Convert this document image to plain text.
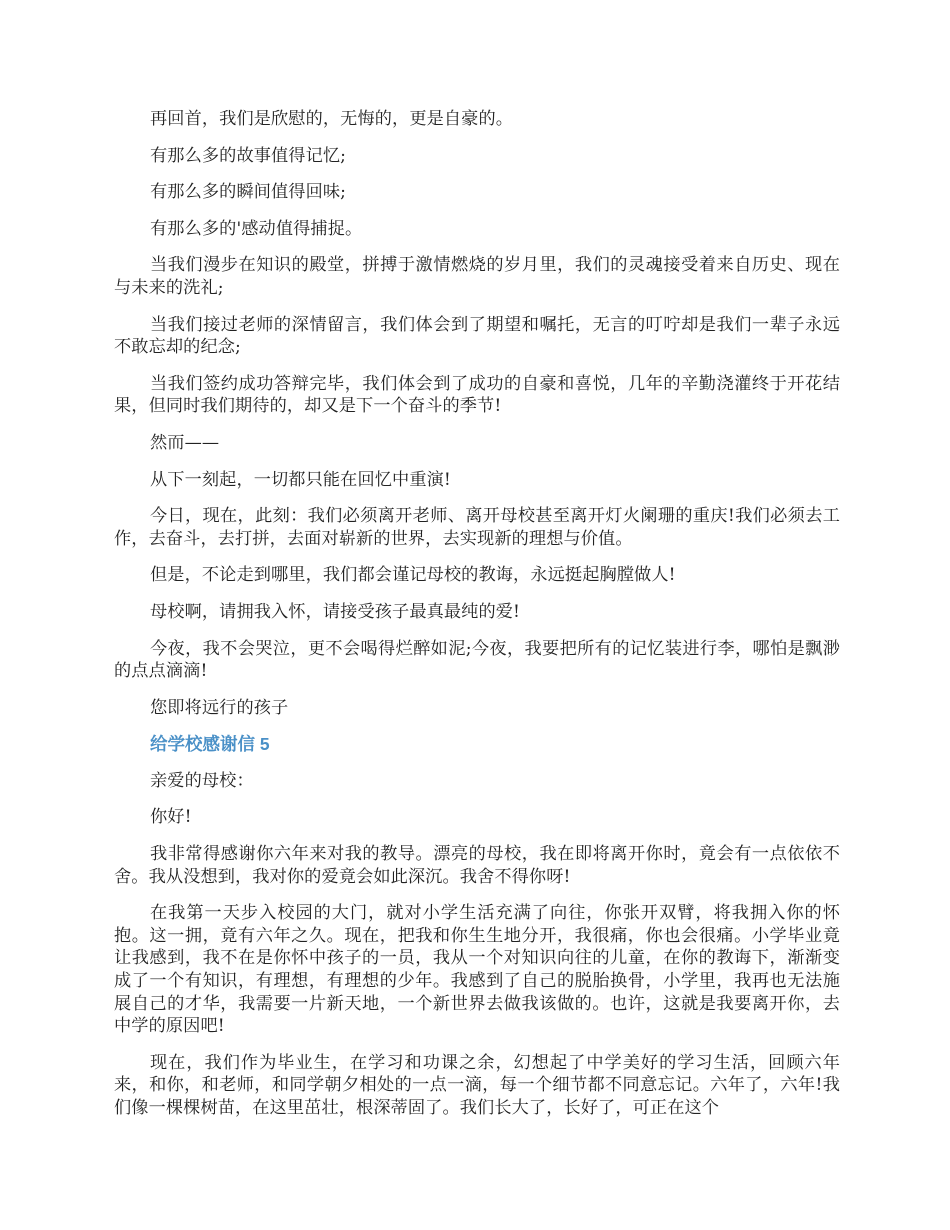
再回首，我们是欣慰的，无悔的，更是自豪的。

有那么多的故事值得记忆;

有那么多的瞬间值得回味;

有那么多的'感动值得捕捉。

当我们漫步在知识的殿堂，拼搏于激情燃烧的岁月里，我们的灵魂接受着来自历史、现在与未来的洗礼;

当我们接过老师的深情留言，我们体会到了期望和嘱托，无言的叮咛却是我们一辈子永远不敢忘却的纪念;

当我们签约成功答辩完毕，我们体会到了成功的自豪和喜悦，几年的辛勤浇灌终于开花结果，但同时我们期待的，却又是下一个奋斗的季节!

然而——

从下一刻起，一切都只能在回忆中重演!

今日，现在，此刻：我们必须离开老师、离开母校甚至离开灯火阑珊的重庆!我们必须去工作，去奋斗，去打拼，去面对崭新的世界，去实现新的理想与价值。

但是，不论走到哪里，我们都会谨记母校的教诲，永远挺起胸膛做人!

母校啊，请拥我入怀，请接受孩子最真最纯的爱!

今夜，我不会哭泣，更不会喝得烂醉如泥;今夜，我要把所有的记忆装进行李，哪怕是飘渺的点点滴滴!

您即将远行的孩子

给学校感谢信 5

亲爱的母校：

你好!

我非常得感谢你六年来对我的教导。漂亮的母校，我在即将离开你时，竟会有一点依依不舍。我从没想到，我对你的爱竟会如此深沉。我舍不得你呀!

在我第一天步入校园的大门，就对小学生活充满了向往，你张开双臂，将我拥入你的怀抱。这一拥，竟有六年之久。现在，把我和你生生地分开，我很痛，你也会很痛。小学毕业竟让我感到，我不在是你怀中孩子的一员，我从一个对知识向往的儿童，在你的教诲下，渐渐变成了一个有知识，有理想，有理想的少年。我感到了自己的脱胎换骨，小学里，我再也无法施展自己的才华，我需要一片新天地，一个新世界去做我该做的。也许，这就是我要离开你，去中学的原因吧!

现在，我们作为毕业生，在学习和功课之余，幻想起了中学美好的学习生活，回顾六年来，和你，和老师，和同学朝夕相处的一点一滴，每一个细节都不同意忘记。六年了，六年!我们像一棵棵树苗，在这里茁壮，根深蒂固了。我们长大了，长好了，可正在这个
